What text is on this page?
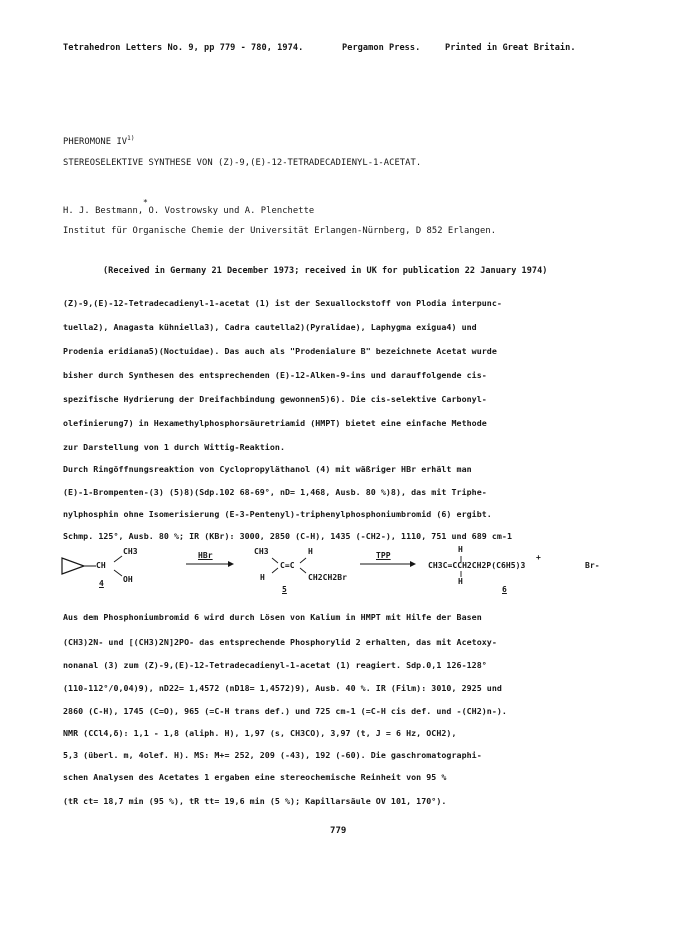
Tetrahedron Letters No. 9, pp 779 - 780, 1974.	Pergamon Press.	Printed in Great Britain.
PHEROMONE IV$^{1)}$
STEREOSELEKTIVE SYNTHESE VON (Z)-9,(E)-12-TETRADECADIENYL-1-ACETAT.
H. J. Bestmann, O. Vostrowsky und A. Plenchette
*
Institut für Organische Chemie der Universität Erlangen-Nürnberg, D 852 Erlangen.
(Received in Germany 21 December 1973; received in UK for publication 22 January 1974)
(Z)-9,(E)-12-Tetradecadienyl-1-acetat (1) ist der Sexuallockstoff von Plodia interpunc-
tuella2), Anagasta kühniella3), Cadra cautella2)(Pyralidae), Laphygma exigua4) und
Prodenia eridiana5)(Noctuidae). Das auch als "Prodenialure B" bezeichnete Acetat wurde
bisher durch Synthesen des entsprechenden (E)-12-Alken-9-ins und darauffolgende cis-
spezifische Hydrierung der Dreifachbindung gewonnen5)6). Die cis-selektive Carbonyl-
olefinierung7) in Hexamethylphosphorsäuretriamid (HMPT) bietet eine einfache Methode
zur Darstellung von 1 durch Wittig-Reaktion.
Durch Ringöffnungsreaktion von Cyclopropyläthanol (4) mit wäßriger HBr erhält man
(E)-1-Brompenten-(3) (5)8)(Sdp.102 68-69°, nD= 1,468, Ausb. 80 %)8), das mit Triphe-
nylphosphin ohne Isomerisierung (E-3-Pentenyl)-triphenylphosphoniumbromid (6) ergibt.
Schmp. 125°, Ausb. 80 %; IR (KBr): 3000, 2850 (C-H), 1435 (-CH2-), 1110, 751 und 689 cm-1
CH
CH3
OH
4
HBr	CH3
C=C
H
H	CH2CH2Br
5
TPP
H
+
CH3C=CCH2CH2P(C6H5)3
H
Br-
6
Aus dem Phosphoniumbromid 6 wird durch Lösen von Kalium in HMPT mit Hilfe der Basen
(CH3)2N- und [(CH3)2N]2PO- das entsprechende Phosphorylid 2 erhalten, das mit Acetoxy-
nonanal (3) zum (Z)-9,(E)-12-Tetradecadienyl-1-acetat (1) reagiert. Sdp.0,1 126-128°
(110-112°/0,04)9), nD22= 1,4572 (nD18= 1,4572)9), Ausb. 40 %. IR (Film): 3010, 2925 und
2860 (C-H), 1745 (C=O), 965 (=C-H trans def.) und 725 cm-1 (=C-H cis def. und -(CH2)n-).
NMR (CCl4,δ): 1,1 - 1,8 (aliph. H), 1,97 (s, CH3CO), 3,97 (t, J = 6 Hz, OCH2),
5,3 (überl. m, 4olef. H). MS: M+= 252, 209 (-43), 192 (-60). Die gaschromatographi-
schen Analysen des Acetates 1 ergaben eine stereochemische Reinheit von 95 %
(tR ct= 18,7 min (95 %), tR tt= 19,6 min (5 %); Kapillarsäule OV 101, 170°).
779
